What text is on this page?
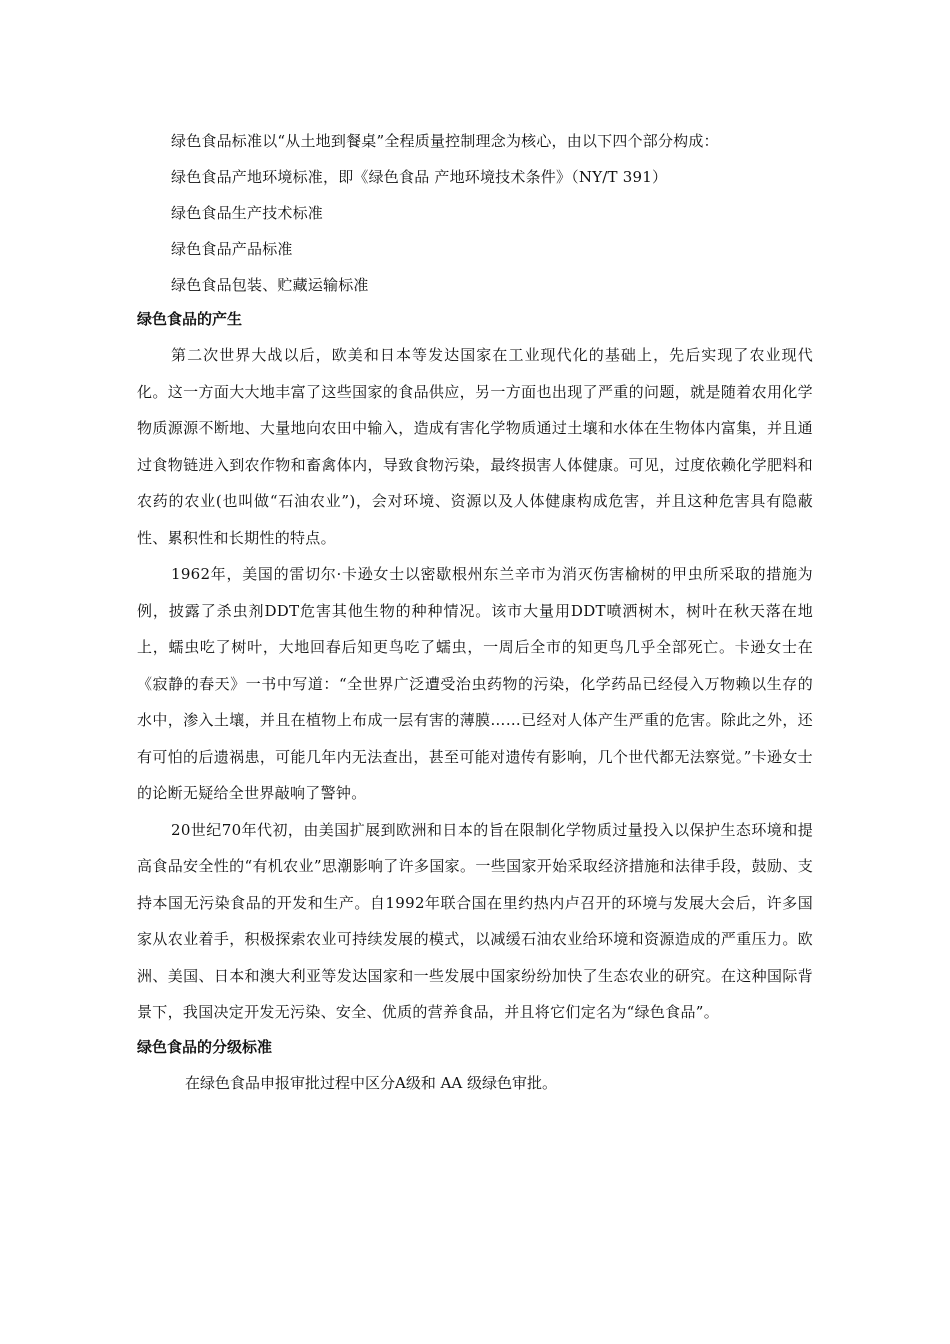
绿色食品标准以“从土地到餐桌”全程质量控制理念为核心，由以下四个部分构成：
绿色食品产地环境标准，即《绿色食品 产地环境技术条件》（NY/T 391）
绿色食品生产技术标准
绿色食品产品标准
绿色食品包装、贮藏运输标准
绿色食品的产生

第二次世界大战以后，欧美和日本等发达国家在工业现代化的基础上，先后实现了农业现代化。这一方面大大地丰富了这些国家的食品供应，另一方面也出现了严重的问题，就是随着农用化学物质源源不断地、大量地向农田中输入，造成有害化学物质通过土壤和水体在生物体内富集，并且通过食物链进入到农作物和畜禽体内，导致食物污染，最终损害人体健康。可见，过度依赖化学肥料和农药的农业(也叫做“石油农业”)，会对环境、资源以及人体健康构成危害，并且这种危害具有隐蔽性、累积性和长期性的特点。

1962年，美国的雷切尔·卡逊女士以密歇根州东兰辛市为消灭伤害榆树的甲虫所采取的措施为例，披露了杀虫剂DDT危害其他生物的种种情况。该市大量用DDT喷洒树木，树叶在秋天落在地上，蠕虫吃了树叶，大地回春后知更鸟吃了蠕虫，一周后全市的知更鸟几乎全部死亡。卡逊女士在《寂静的春天》一书中写道：“全世界广泛遭受治虫药物的污染，化学药品已经侵入万物赖以生存的水中，渗入土壤，并且在植物上布成一层有害的薄膜……已经对人体产生严重的危害。除此之外，还有可怕的后遗祸患，可能几年内无法查出，甚至可能对遗传有影响，几个世代都无法察觉。”卡逊女士的论断无疑给全世界敲响了警钟。

20世纪70年代初，由美国扩展到欧洲和日本的旨在限制化学物质过量投入以保护生态环境和提高食品安全性的“有机农业”思潮影响了许多国家。一些国家开始采取经济措施和法律手段，鼓励、支持本国无污染食品的开发和生产。自1992年联合国在里约热内卢召开的环境与发展大会后，许多国家从农业着手，积极探索农业可持续发展的模式，以减缓石油农业给环境和资源造成的严重压力。欧洲、美国、日本和澳大利亚等发达国家和一些发展中国家纷纷加快了生态农业的研究。在这种国际背景下，我国决定开发无污染、安全、优质的营养食品，并且将它们定名为“绿色食品”。

绿色食品的分级标准
在绿色食品申报审批过程中区分A级和 AA 级绿色审批。
